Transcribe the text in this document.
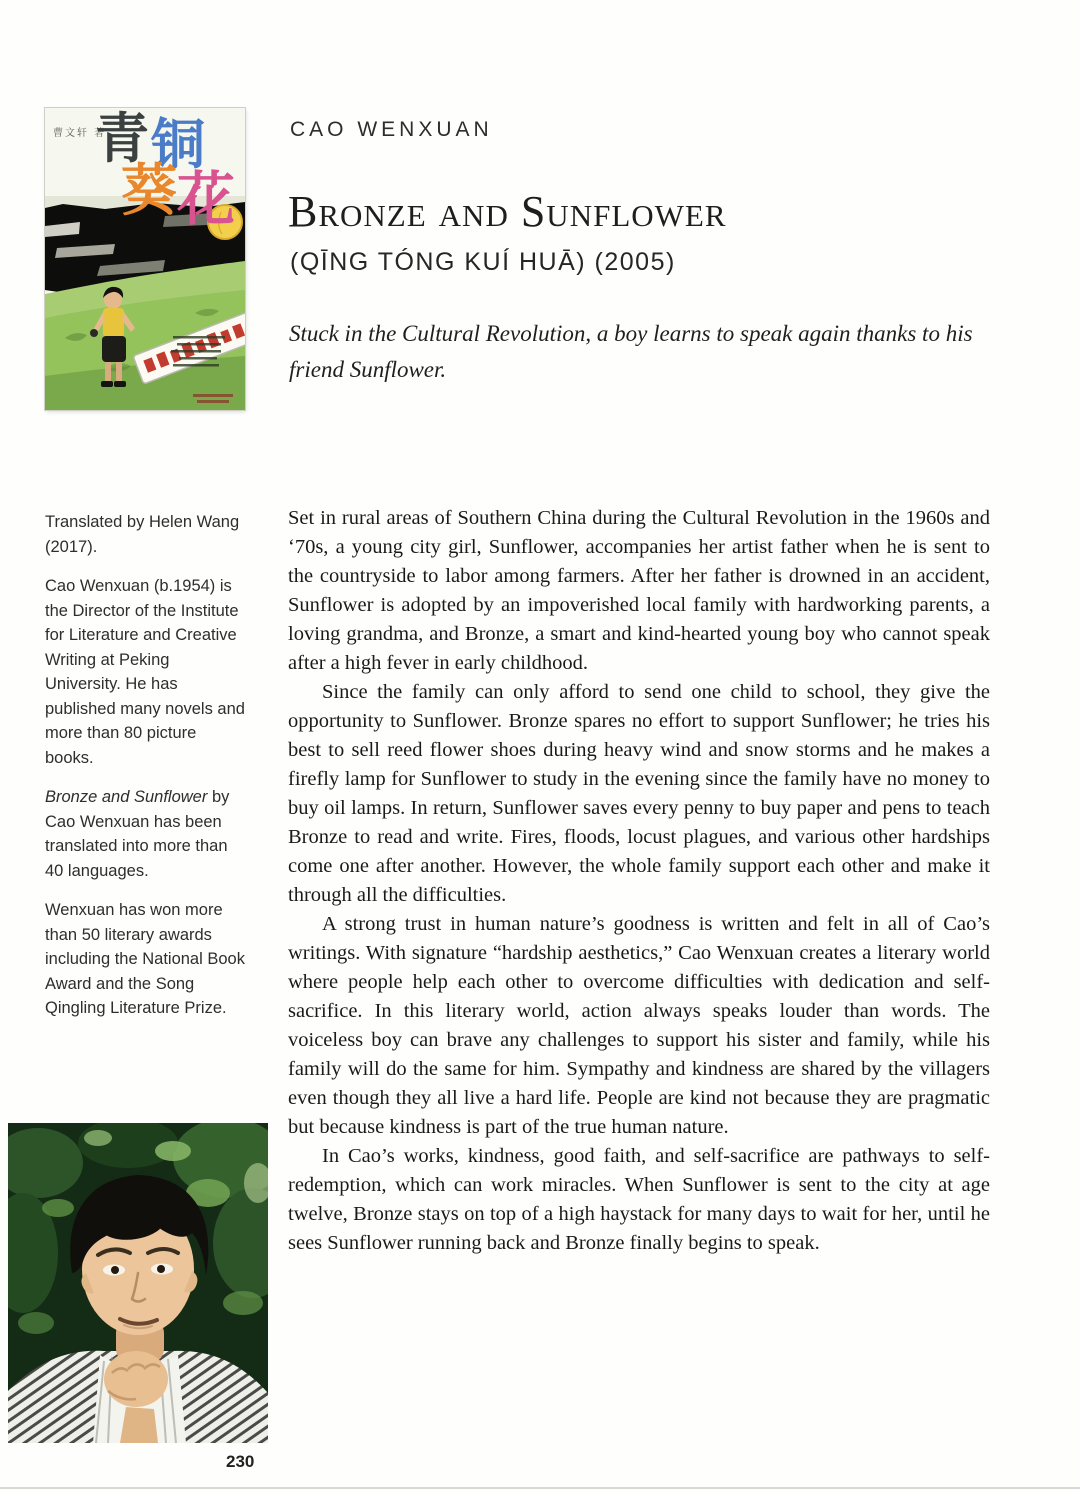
曹文轩 著
青 铜
葵 花
CAO WENXUAN
Bronze and Sunflower
(QĪNG TÓNG KUÍ HUĀ) (2005)
Stuck in the Cultural Revolution, a boy learns to speak again thanks to his friend Sunflower.

Translated by Helen Wang (2017).

Cao Wenxuan (b.1954) is the Director of the Institute for Literature and Creative Writing at Peking University. He has published many novels and more than 80 picture books.

Bronze and Sunflower by Cao Wenxuan has been translated into more than 40 languages.

Wenxuan has won more than 50 literary awards including the National Book Award and the Song Qingling Literature Prize.

Set in rural areas of Southern China during the Cultural Revolution in the 1960s and ‘70s, a young city girl, Sunflower, accompanies her artist father when he is sent to the countryside to labor among farmers. After her father is drowned in an accident, Sunflower is adopted by an impoverished local family with hardworking parents, a loving grandma, and Bronze, a smart and kind-hearted young boy who cannot speak after a high fever in early childhood.

Since the family can only afford to send one child to school, they give the opportunity to Sunflower. Bronze spares no effort to support Sunflower; he tries his best to sell reed flower shoes during heavy wind and snow storms and he makes a firefly lamp for Sunflower to study in the evening since the family have no money to buy oil lamps. In return, Sunflower saves every penny to buy paper and pens to teach Bronze to read and write. Fires, floods, locust plagues, and various other hardships come one after another. However, the whole family support each other and make it through all the difficulties.

A strong trust in human nature’s goodness is written and felt in all of Cao’s writings. With signature “hardship aesthetics,” Cao Wenxuan creates a literary world where people help each other to overcome difficulties with dedication and self-sacrifice. In this literary world, action always speaks louder than words. The voiceless boy can brave any challenges to support his sister and family, while his family will do the same for him. Sympathy and kindness are shared by the villagers even though they all live a hard life. People are kind not because they are pragmatic but because kindness is part of the true human nature.

In Cao’s works, kindness, good faith, and self-sacrifice are pathways to self-redemption, which can work miracles. When Sunflower is sent to the city at age twelve, Bronze stays on top of a high haystack for many days to wait for her, until he sees Sunflower running back and Bronze finally begins to speak.

230
